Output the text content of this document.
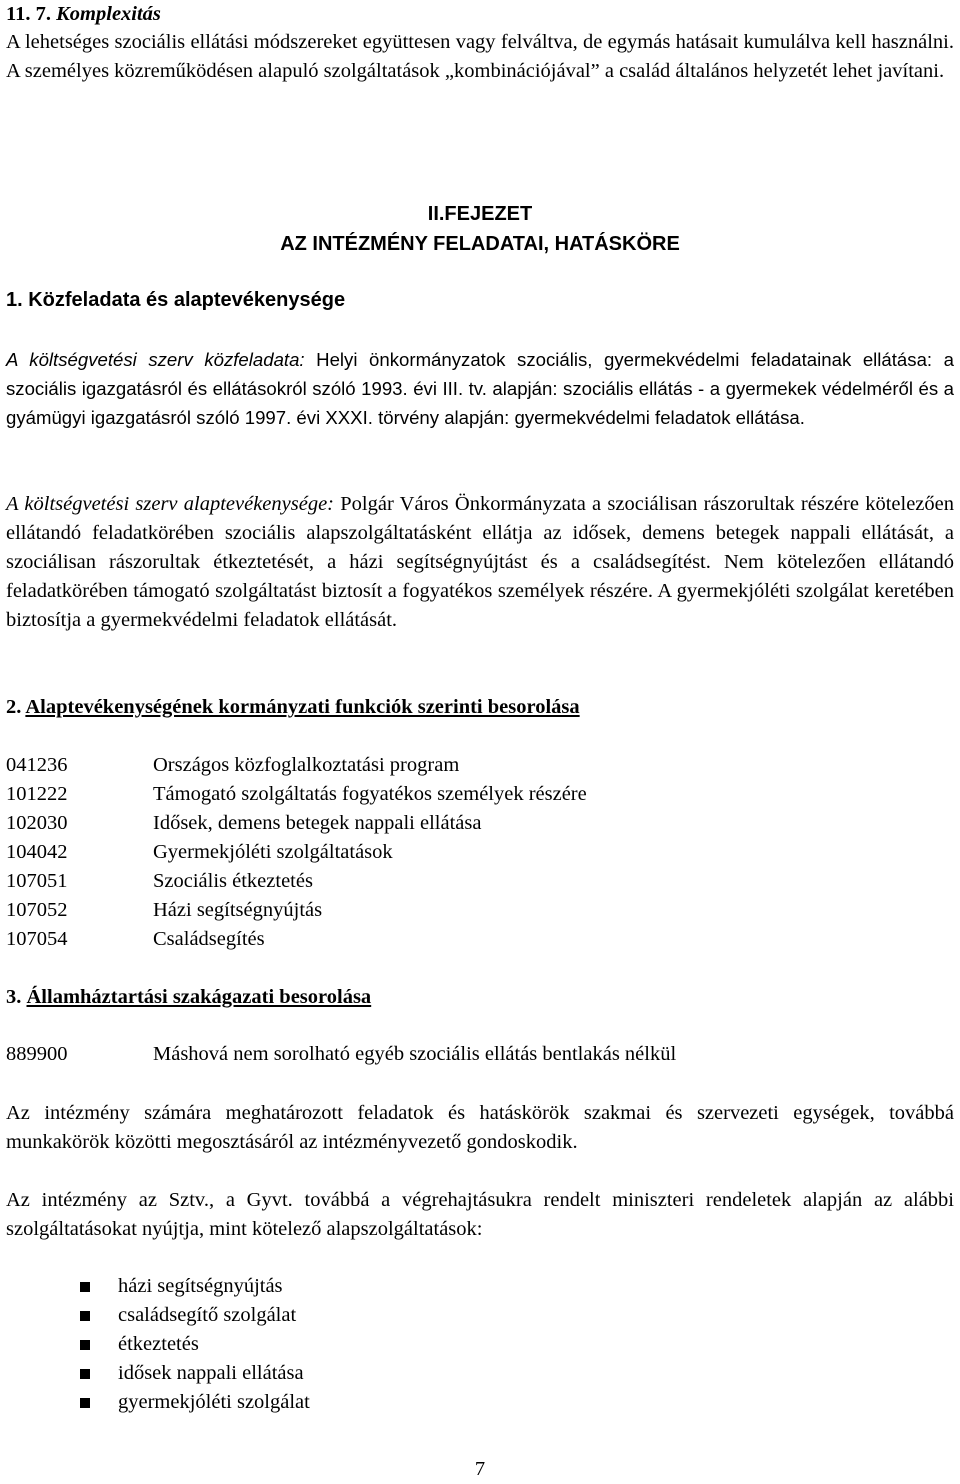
11. 7. Komplexitás
A lehetséges szociális ellátási módszereket együttesen vagy felváltva, de egymás hatásait kumulálva kell használni. A személyes közreműködésen alapuló szolgáltatások „kombinációjával” a család általános helyzetét lehet javítani.
II.FEJEZET
AZ INTÉZMÉNY FELADATAI, HATÁSKÖRE
1. Közfeladata és alaptevékenysége
A költségvetési szerv közfeladata: Helyi önkormányzatok szociális, gyermekvédelmi feladatainak ellátása: a szociális igazgatásról és ellátásokról szóló 1993. évi III. tv. alapján: szociális ellátás - a gyermekek védelméről és a gyámügyi igazgatásról szóló 1997. évi XXXI. törvény alapján: gyermekvédelmi feladatok ellátása.
A költségvetési szerv alaptevékenysége: Polgár Város Önkormányzata a szociálisan rászorultak részére kötelezően ellátandó feladatkörében szociális alapszolgáltatásként ellátja az idősek, demens betegek nappali ellátását, a szociálisan rászorultak étkeztetését, a házi segítségnyújtást és a családsegítést. Nem kötelezően ellátandó feladatkörében támogató szolgáltatást biztosít a fogyatékos személyek részére. A gyermekjóléti szolgálat keretében biztosítja a gyermekvédelmi feladatok ellátását.
2. Alaptevékenységének kormányzati funkciók szerinti besorolása
041236	Országos közfoglalkoztatási program
101222	Támogató szolgáltatás fogyatékos személyek részére
102030	Idősek, demens betegek nappali ellátása
104042	Gyermekjóléti szolgáltatások
107051	Szociális étkeztetés
107052	Házi segítségnyújtás
107054	Családsegítés
3. Államháztartási szakágazati besorolása
889900	Máshová nem sorolható egyéb szociális ellátás bentlakás nélkül
Az intézmény számára meghatározott feladatok és hatáskörök szakmai és szervezeti egységek, továbbá munkakörök közötti megosztásáról az intézményvezető gondoskodik.
Az intézmény az Sztv., a Gyvt. továbbá a végrehajtásukra rendelt miniszteri rendeletek alapján az alábbi szolgáltatásokat nyújtja, mint kötelező alapszolgáltatások:
házi segítségnyújtás
családsegítő szolgálat
étkeztetés
idősek nappali ellátása
gyermekjóléti szolgálat
7
